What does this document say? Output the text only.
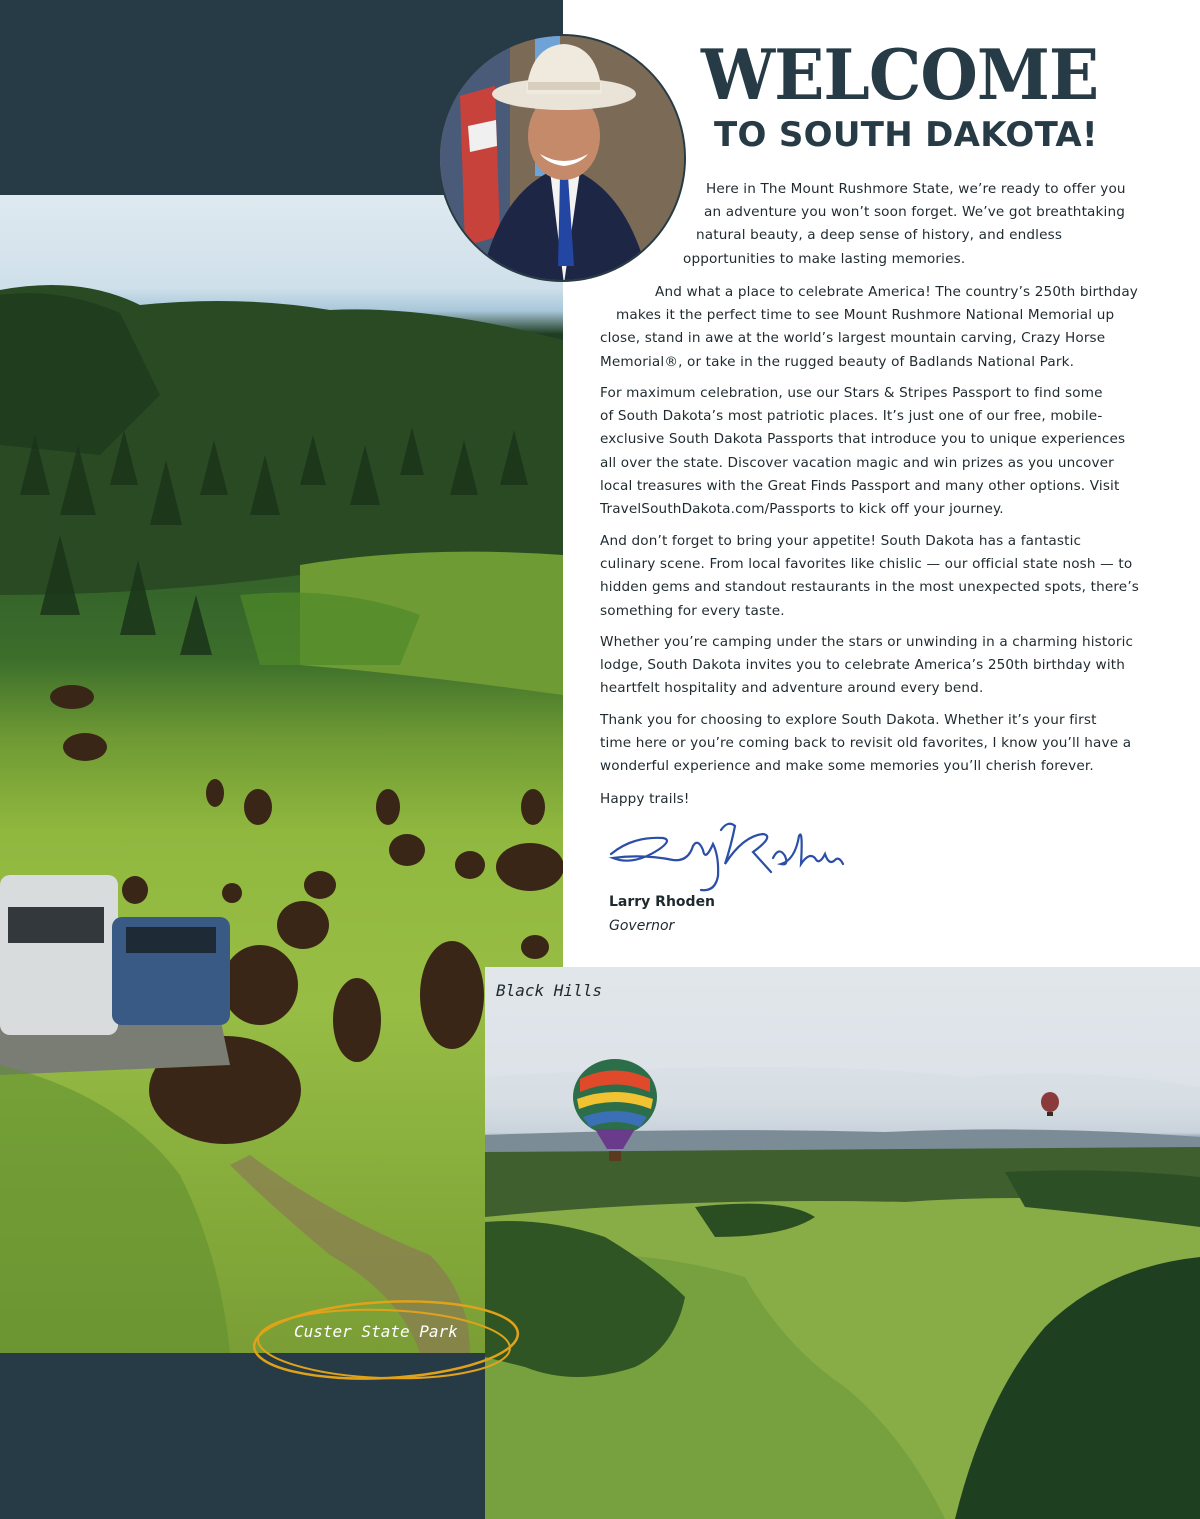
Black Hills
Custer State Park
WELCOME
TO SOUTH DAKOTA!
Here in The Mount Rushmore State, we’re ready to offer you
an adventure you won’t soon forget. We’ve got breathtaking
natural beauty, a deep sense of history, and endless
opportunities to make lasting memories.
And what a place to celebrate America! The country’s 250th birthday
makes it the perfect time to see Mount Rushmore National Memorial up
close, stand in awe at the world’s largest mountain carving, Crazy Horse
Memorial®, or take in the rugged beauty of Badlands National Park.
For maximum celebration, use our Stars & Stripes Passport to find some
of South Dakota’s most patriotic places. It’s just one of our free, mobile-
exclusive South Dakota Passports that introduce you to unique experiences
all over the state. Discover vacation magic and win prizes as you uncover
local treasures with the Great Finds Passport and many other options. Visit
TravelSouthDakota.com/Passports to kick off your journey.
And don’t forget to bring your appetite! South Dakota has a fantastic
culinary scene. From local favorites like chislic — our official state nosh — to
hidden gems and standout restaurants in the most unexpected spots, there’s
something for every taste.
Whether you’re camping under the stars or unwinding in a charming historic
lodge, South Dakota invites you to celebrate America’s 250th birthday with
heartfelt hospitality and adventure around every bend.
Thank you for choosing to explore South Dakota. Whether it’s your first
time here or you’re coming back to revisit old favorites, I know you’ll have a
wonderful experience and make some memories you’ll cherish forever.
Happy trails!
Larry Rhoden
Governor
